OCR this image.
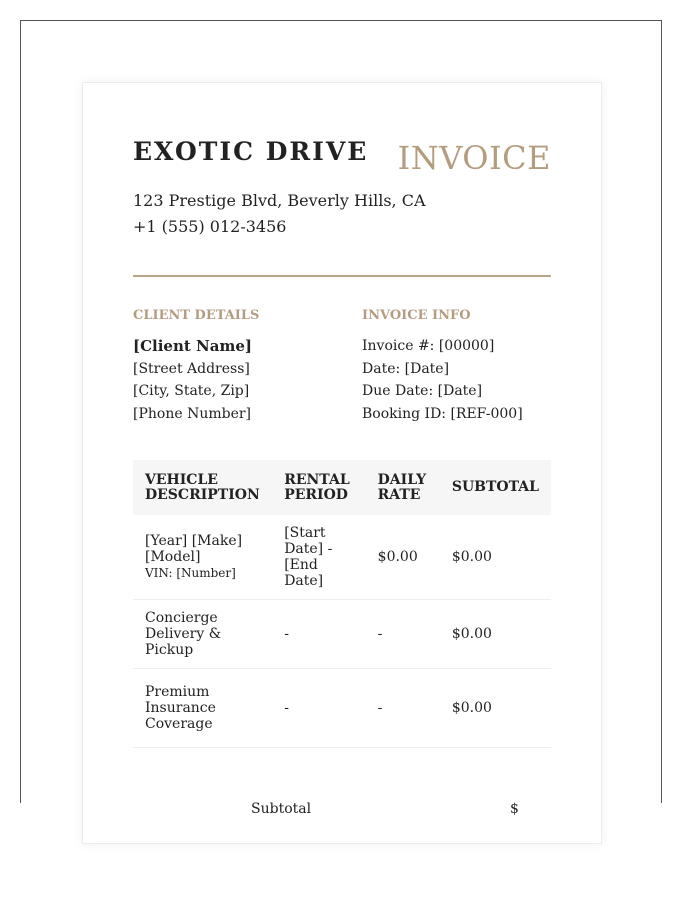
EXOTIC DRIVE INVOICE
123 Prestige Blvd, Beverly Hills, CA
+1 (555) 012-3456
CLIENT DETAILS
[Client Name]
[Street Address]
[City, State, Zip]
[Phone Number]
INVOICE INFO
Invoice #: [00000]
Date: [Date]
Due Date: [Date]
Booking ID: [REF-000]
VEHICLE DESCRIPTION	RENTAL PERIOD	DAILY RATE	SUBTOTAL
[Year] [Make] [Model]
VIN: [Number]	[Start Date] - [End Date]	$0.00	$0.00
Concierge Delivery & Pickup	-	-	$0.00
Premium Insurance Coverage	-	-	$0.00
Subtotal	$
